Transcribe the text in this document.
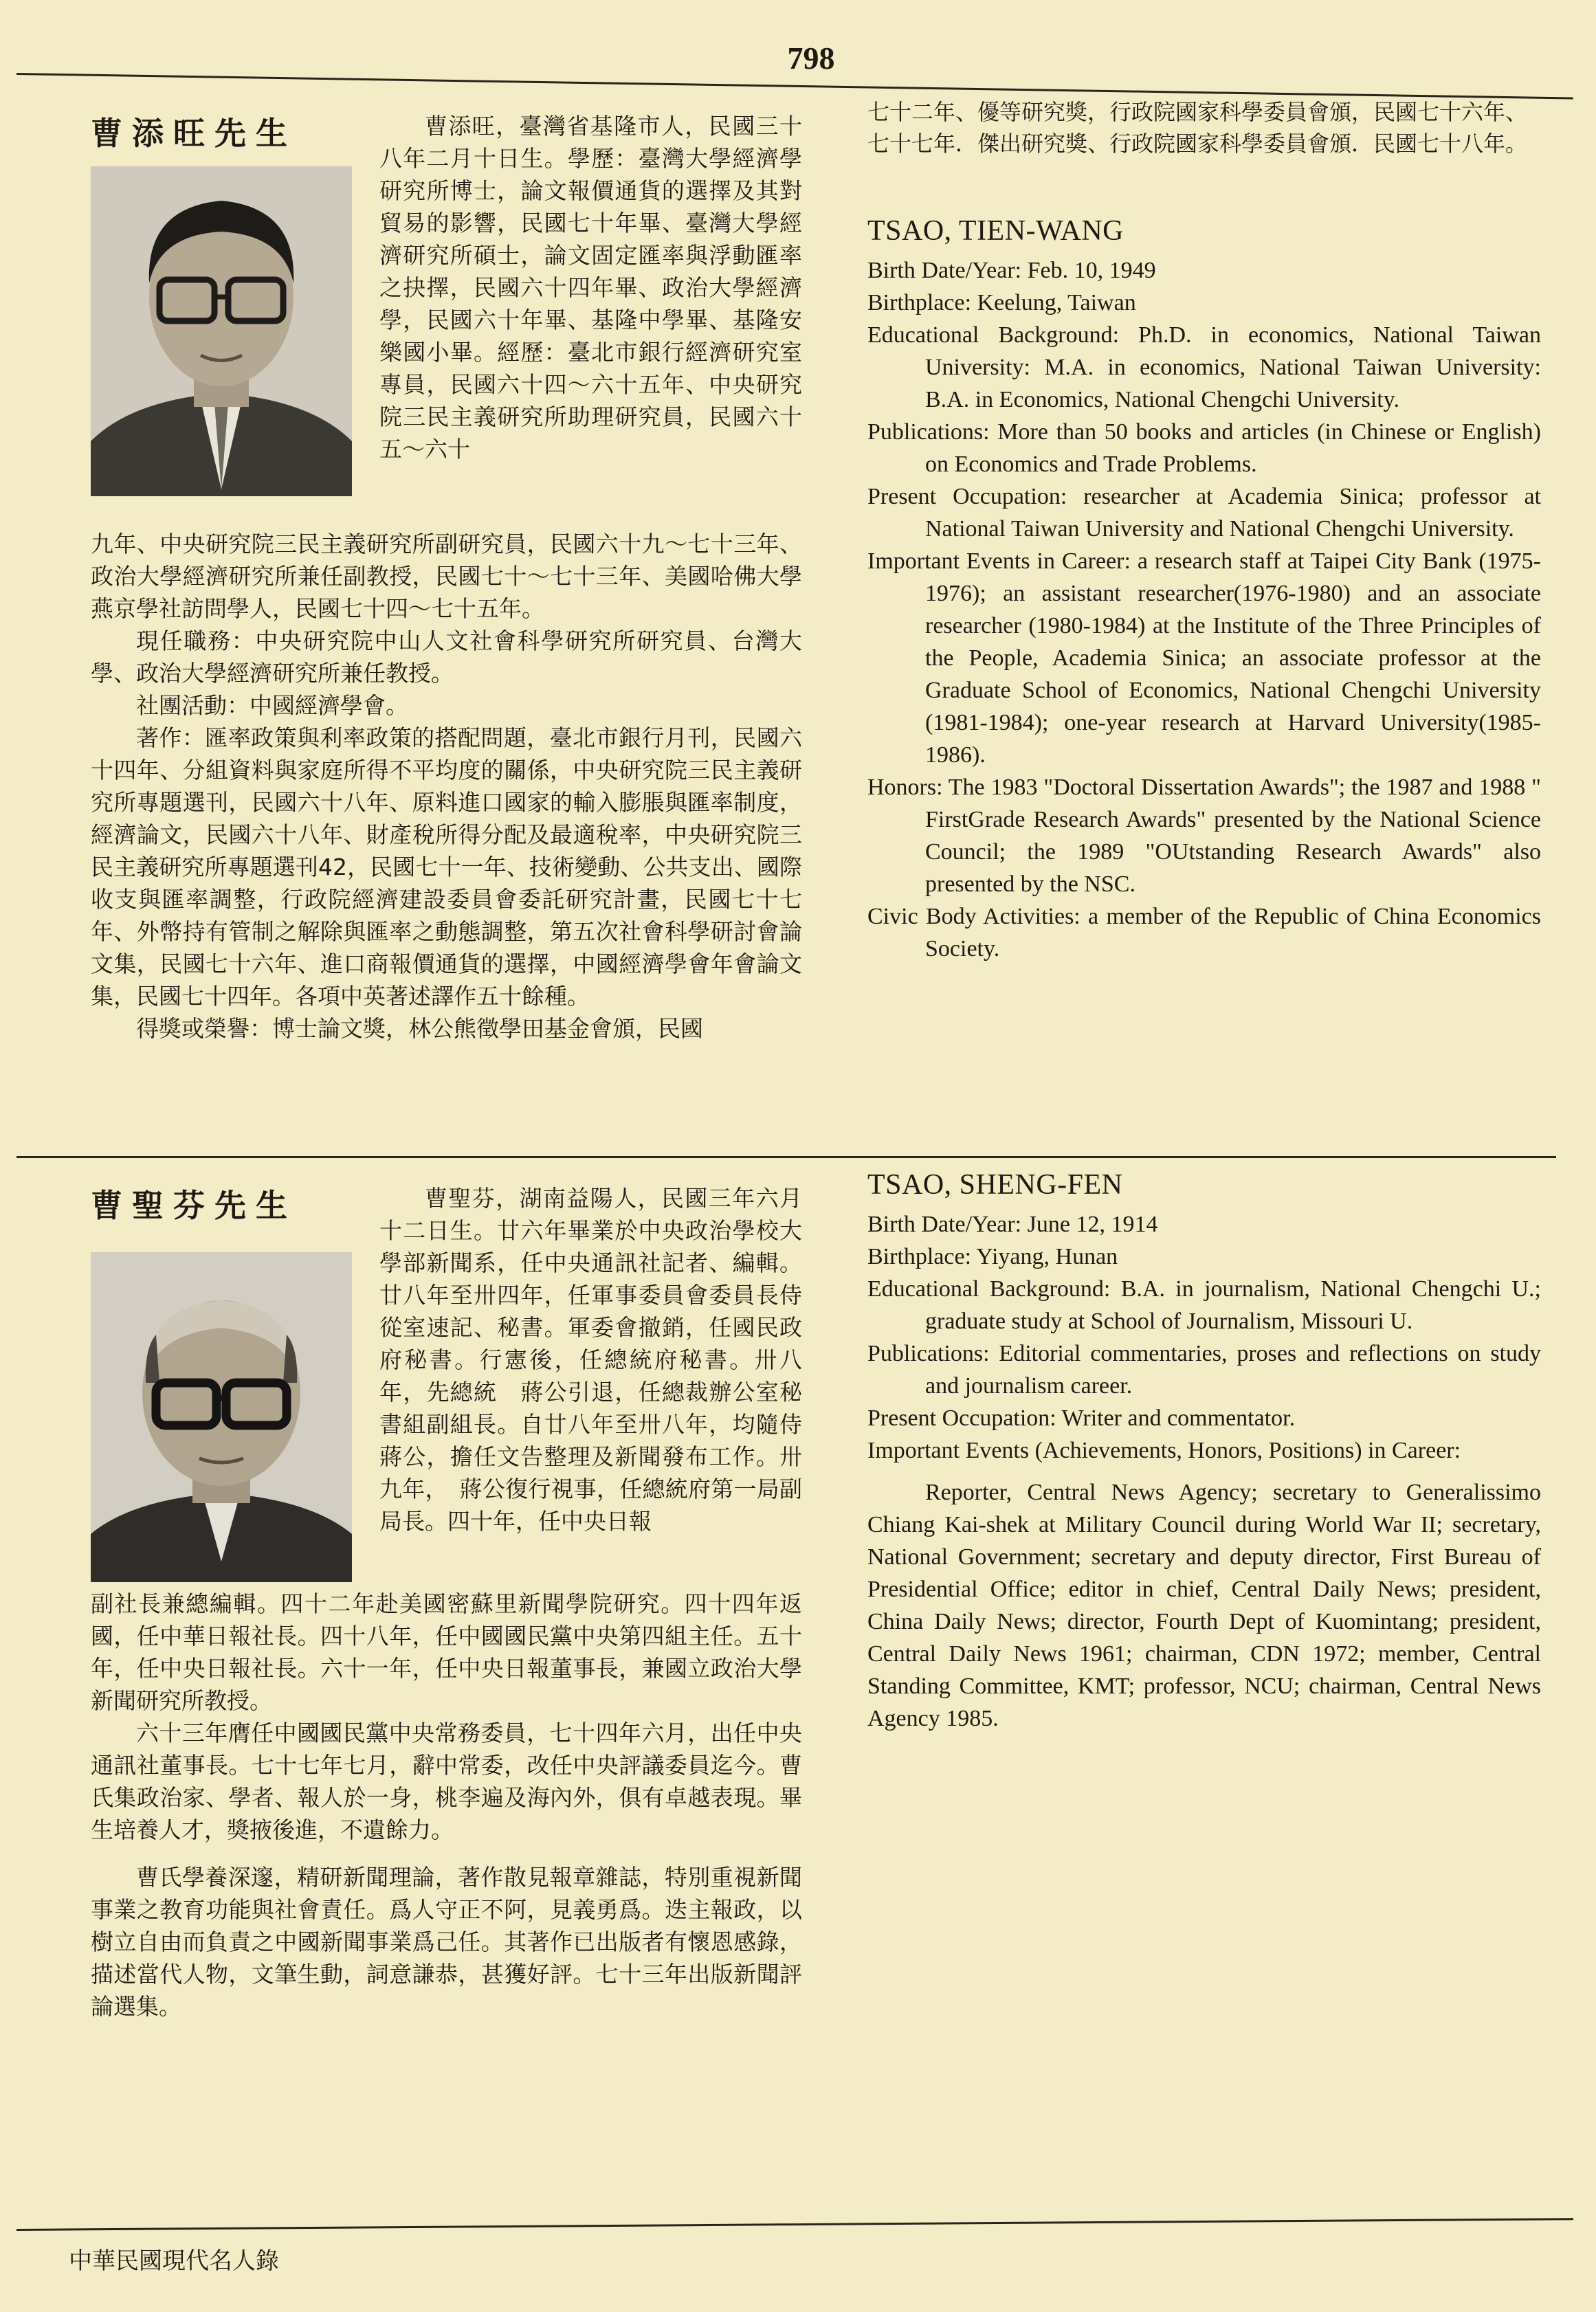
798
曹添旺先生	曹添旺，臺灣省基隆市人，民國三十八年二月十日生。學歷：臺灣大學經濟學研究所博士，論文報價通貨的選擇及其對貿易的影響，民國七十年畢、臺灣大學經濟研究所碩士，論文固定匯率與浮動匯率之抉擇，民國六十四年畢、政治大學經濟學，民國六十年畢、基隆中學畢、基隆安樂國小畢。經歷：臺北市銀行經濟研究室專員，民國六十四～六十五年、中央研究院三民主義研究所助理研究員，民國六十五～六十

九年、中央研究院三民主義研究所副研究員，民國六十九～七十三年、政治大學經濟研究所兼任副教授，民國七十～七十三年、美國哈佛大學燕京學社訪問學人，民國七十四～七十五年。

現任職務：中央研究院中山人文社會科學研究所研究員、台灣大學、政治大學經濟研究所兼任教授。

社團活動：中國經濟學會。

著作：匯率政策與利率政策的搭配問題，臺北市銀行月刊，民國六十四年、分組資料與家庭所得不平均度的關係，中央研究院三民主義研究所專題選刊，民國六十八年、原料進口國家的輸入膨脹與匯率制度，經濟論文，民國六十八年、財產稅所得分配及最適稅率，中央研究院三民主義研究所專題選刊42，民國七十一年、技術變動、公共支出、國際收支與匯率調整，行政院經濟建設委員會委託研究計畫，民國七十七年、外幣持有管制之解除與匯率之動態調整，第五次社會科學研討會論文集，民國七十六年、進口商報價通貨的選擇，中國經濟學會年會論文集，民國七十四年。各項中英著述譯作五十餘種。

得獎或榮譽：博士論文獎，林公熊徵學田基金會頒，民國

七十二年、優等研究獎，行政院國家科學委員會頒，民國七十六年、七十七年．傑出研究獎、行政院國家科學委員會頒．民國七十八年。

TSAO, TIEN-WANG

Birth Date/Year: Feb. 10, 1949

Birthplace: Keelung, Taiwan

Educational Background: Ph.D. in economics, National Taiwan University: M.A. in economics, National Taiwan University: B.A. in Economics, National Chengchi University.

Publications: More than 50 books and articles (in Chinese or English) on Economics and Trade Problems.

Present Occupation: researcher at Academia Sinica; professor at National Taiwan University and National Chengchi University.

Important Events in Career: a research staff at Taipei City Bank (1975-1976); an assistant researcher(1976-1980) and an associate researcher (1980-1984) at the Institute of the Three Principles of the People, Academia Sinica; an associate professor at the Graduate School of Economics, National Chengchi University (1981-1984); one-year research at Harvard University(1985-1986).

Honors: The 1983 "Doctoral Dissertation Awards"; the 1987 and 1988 " FirstGrade Research Awards" presented by the National Science Council; the 1989 "OUtstanding Research Awards" also presented by the NSC.

Civic Body Activities: a member of the Republic of China Economics Society.

曹聖芬先生	曹聖芬，湖南益陽人，民國三年六月十二日生。廿六年畢業於中央政治學校大學部新聞系，任中央通訊社記者、編輯。廿八年至卅四年，任軍事委員會委員長侍從室速記、秘書。軍委會撤銷，任國民政府秘書。行憲後，任總統府秘書。卅八年，先總統　蔣公引退，任總裁辦公室秘書組副組長。自廿八年至卅八年，均隨侍蔣公，擔任文告整理及新聞發布工作。卅九年，　蔣公復行視事，任總統府第一局副局長。四十年，任中央日報

副社長兼總編輯。四十二年赴美國密蘇里新聞學院研究。四十四年返國，任中華日報社長。四十八年，任中國國民黨中央第四組主任。五十年，任中央日報社長。六十一年，任中央日報董事長，兼國立政治大學新聞研究所教授。

六十三年膺任中國國民黨中央常務委員，七十四年六月，出任中央通訊社董事長。七十七年七月，辭中常委，改任中央評議委員迄今。曹氏集政治家、學者、報人於一身，桃李遍及海內外，俱有卓越表現。畢生培養人才，獎掖後進，不遺餘力。

曹氏學養深邃，精研新聞理論，著作散見報章雜誌，特別重視新聞事業之教育功能與社會責任。爲人守正不阿，見義勇爲。迭主報政，以樹立自由而負責之中國新聞事業爲己任。其著作已出版者有懷恩感錄，描述當代人物，文筆生動，詞意謙恭，甚獲好評。七十三年出版新聞評論選集。

TSAO, SHENG-FEN

Birth Date/Year: June 12, 1914

Birthplace: Yiyang, Hunan

Educational Background: B.A. in journalism, National Chengchi U.; graduate study at School of Journalism, Missouri U.

Publications: Editorial commentaries, proses and reflections on study and journalism career.

Present Occupation: Writer and commentator.

Important Events (Achievements, Honors, Positions) in Career:

Reporter, Central News Agency; secretary to Generalissimo Chiang Kai-shek at Military Council during World War II; secretary, National Government; secretary and deputy director, First Bureau of Presidential Office; editor in chief, Central Daily News; president, China Daily News; director, Fourth Dept of Kuomintang; president, Central Daily News 1961; chairman, CDN 1972; member, Central Standing Committee, KMT; professor, NCU; chairman, Central News Agency 1985.

中華民國現代名人錄
